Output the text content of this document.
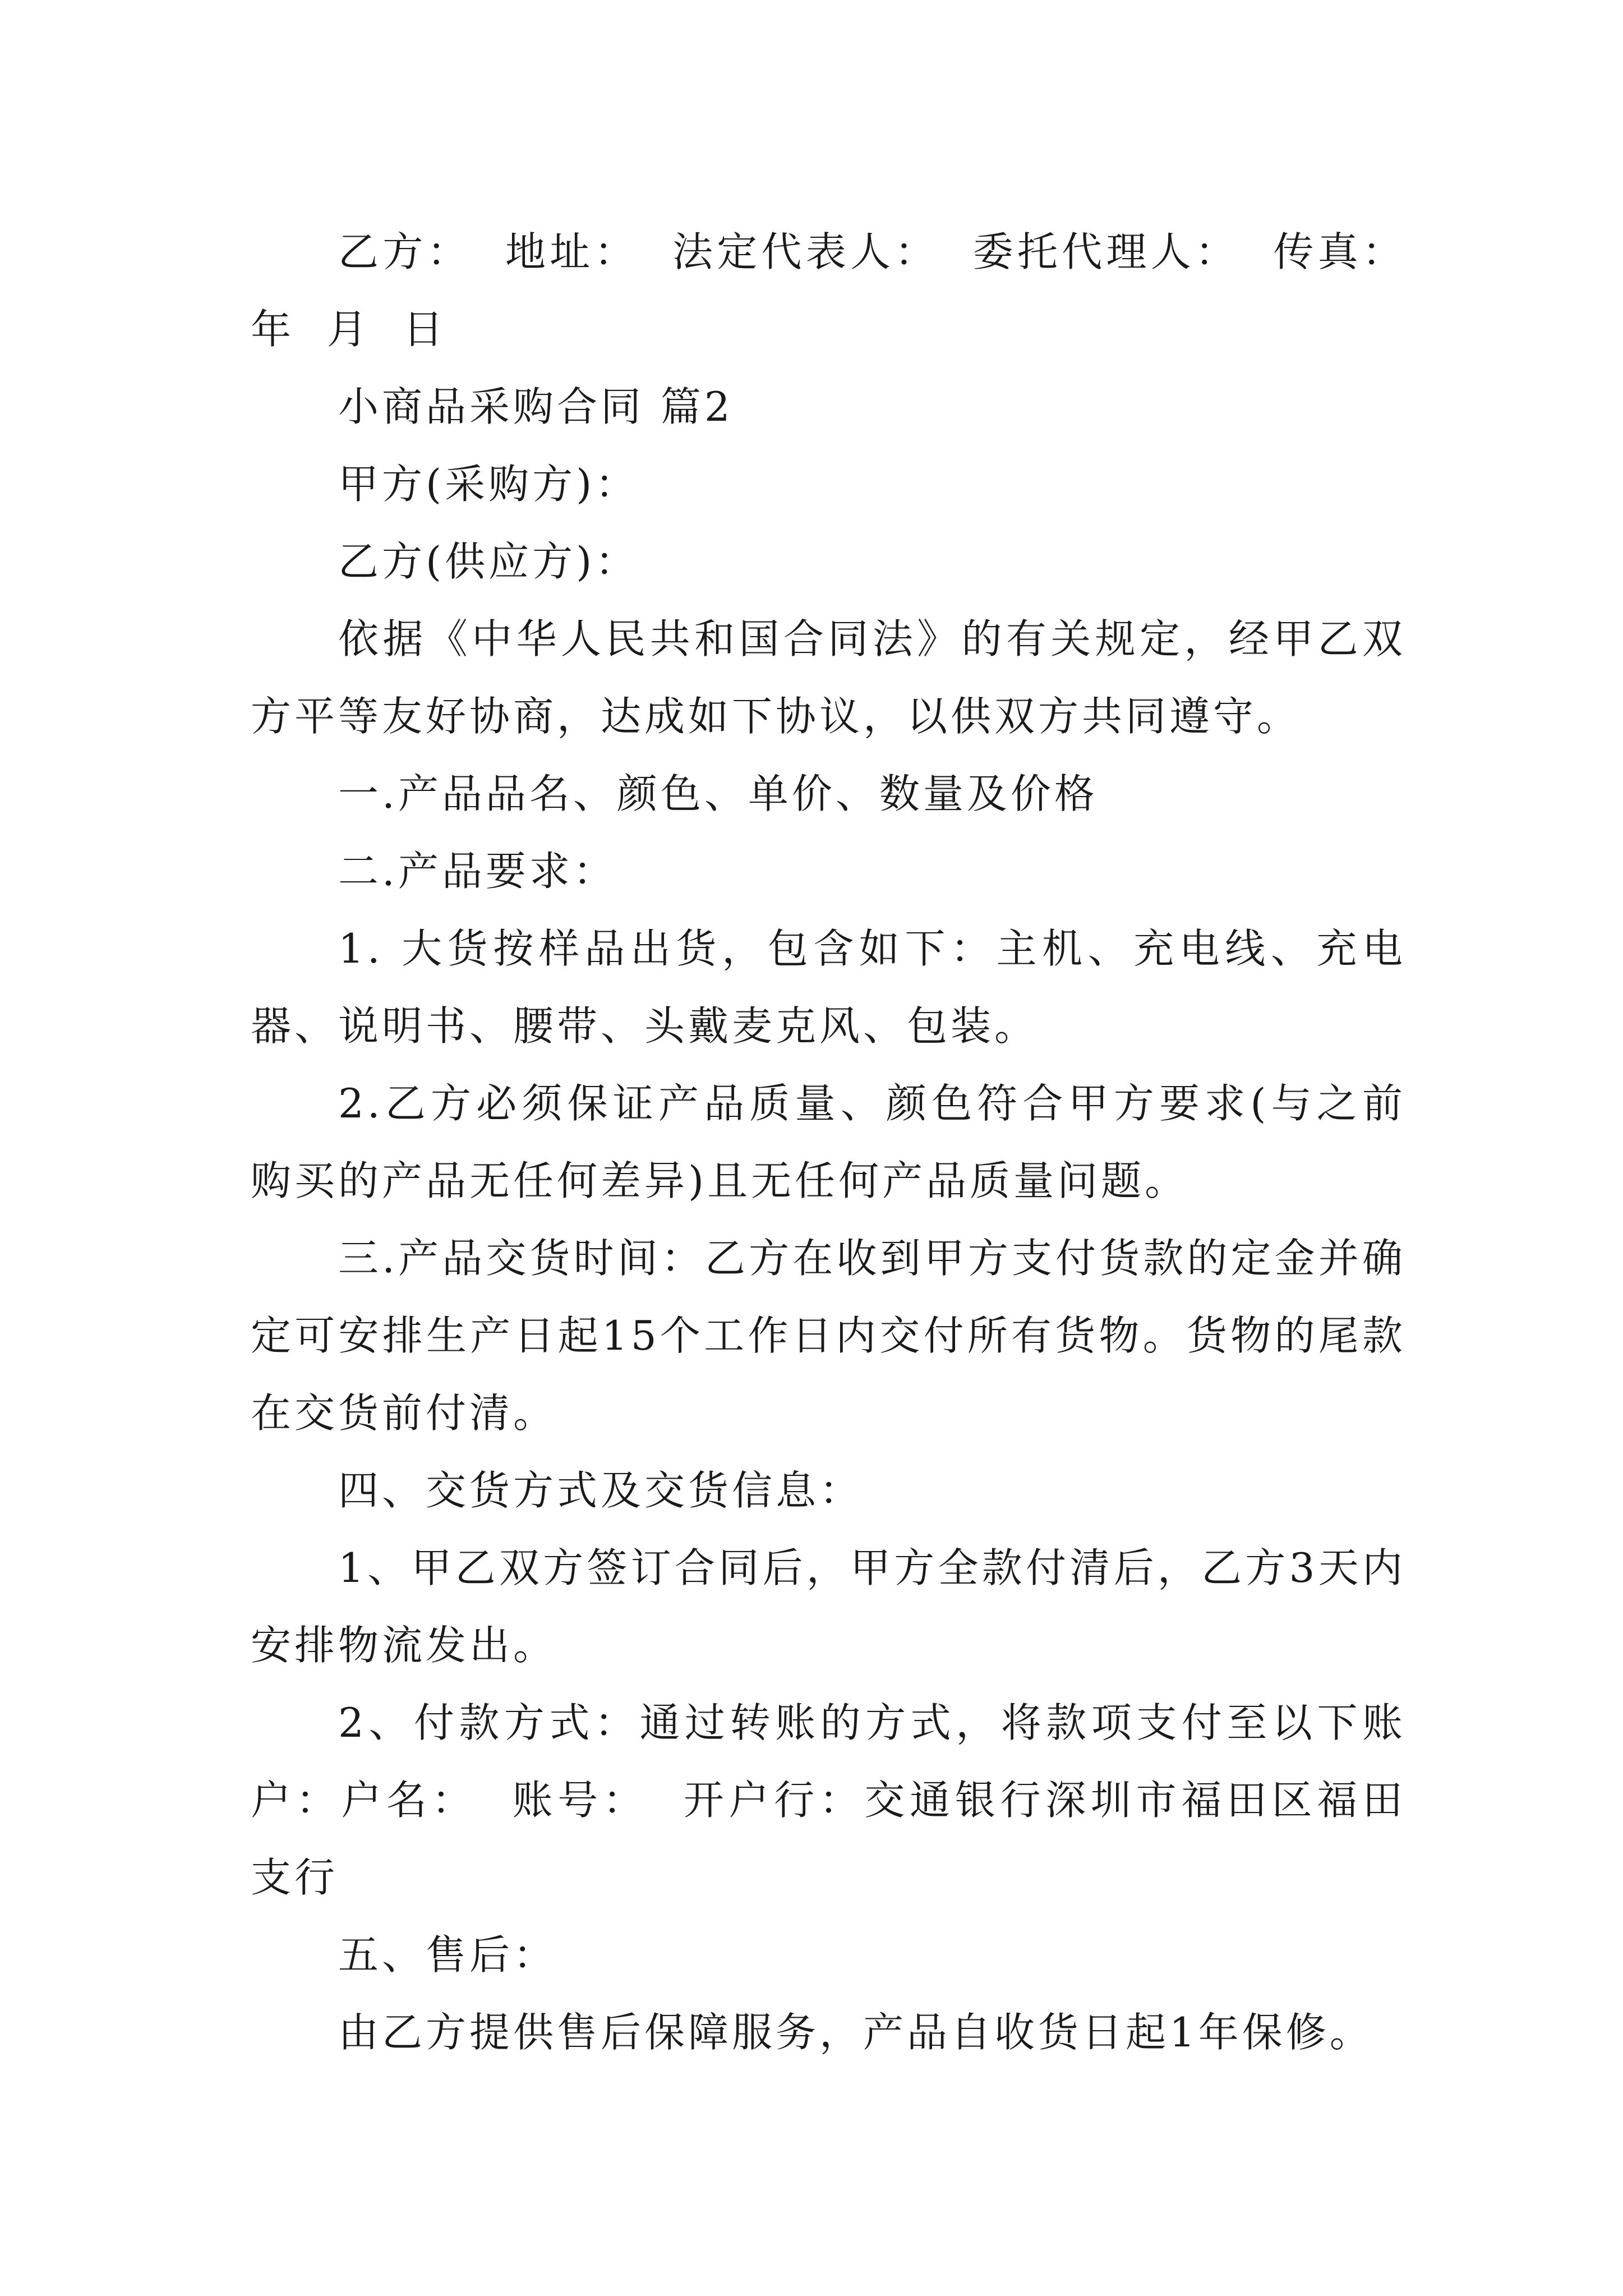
乙方：  地址：  法定代表人：  委托代理人：  传真：  年  月  日

小商品采购合同 篇2

甲方(采购方)：

乙方(供应方)：

依据《中华人民共和国合同法》的有关规定，经甲乙双方平等友好协商，达成如下协议，以供双方共同遵守。

一.产品品名、颜色、单价、数量及价格

二.产品要求：

1. 大货按样品出货，包含如下：主机、充电线、充电器、说明书、腰带、头戴麦克风、包装。

2.乙方必须保证产品质量、颜色符合甲方要求(与之前购买的产品无任何差异)且无任何产品质量问题。

三.产品交货时间：乙方在收到甲方支付货款的定金并确定可安排生产日起15个工作日内交付所有货物。货物的尾款在交货前付清。

四、交货方式及交货信息：

1、甲乙双方签订合同后，甲方全款付清后，乙方3天内安排物流发出。

2、付款方式：通过转账的方式，将款项支付至以下账户：户名：  账号：  开户行：交通银行深圳市福田区福田支行

五、售后：

由乙方提供售后保障服务，产品自收货日起1年保修。
